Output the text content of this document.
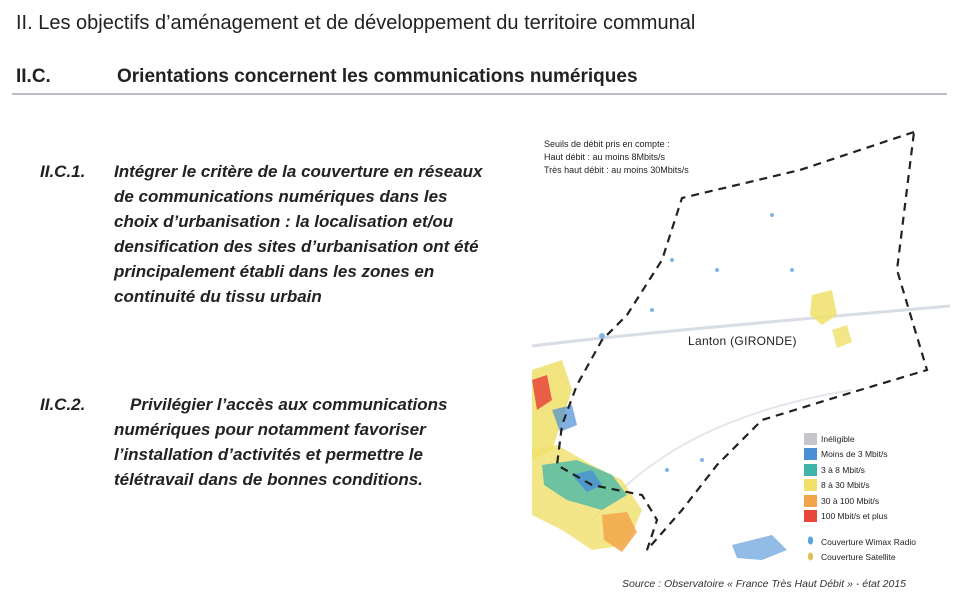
II. Les objectifs d’aménagement et de développement du territoire communal
II.C.	Orientations concernent les communications numériques
II.C.1. Intégrer le critère de la couverture en réseaux
de communications numériques dans les
choix d’urbanisation : la localisation et/ou
densification des sites d’urbanisation ont été
principalement établi dans les zones en
continuité du tissu urbain
II.C.2.	Privilégier l’accès aux communications
numériques pour notamment favoriser
l’installation d’activités et permettre le
télétravail dans de bonnes conditions.
Seuils de débit pris en compte :
Haut débit : au moins 8Mbits/s
Très haut débit : au moins 30Mbits/s
Lanton (GIRONDE)
Inéligible
Moins de 3 Mbit/s
3 à 8 Mbit/s
8 à 30 Mbit/s
30 à 100 Mbit/s
100 Mbit/s et plus
⬮ Couverture Wimax Radio
⬮ Couverture Satellite
Source : Observatoire « France Très Haut Débit » - état 2015
